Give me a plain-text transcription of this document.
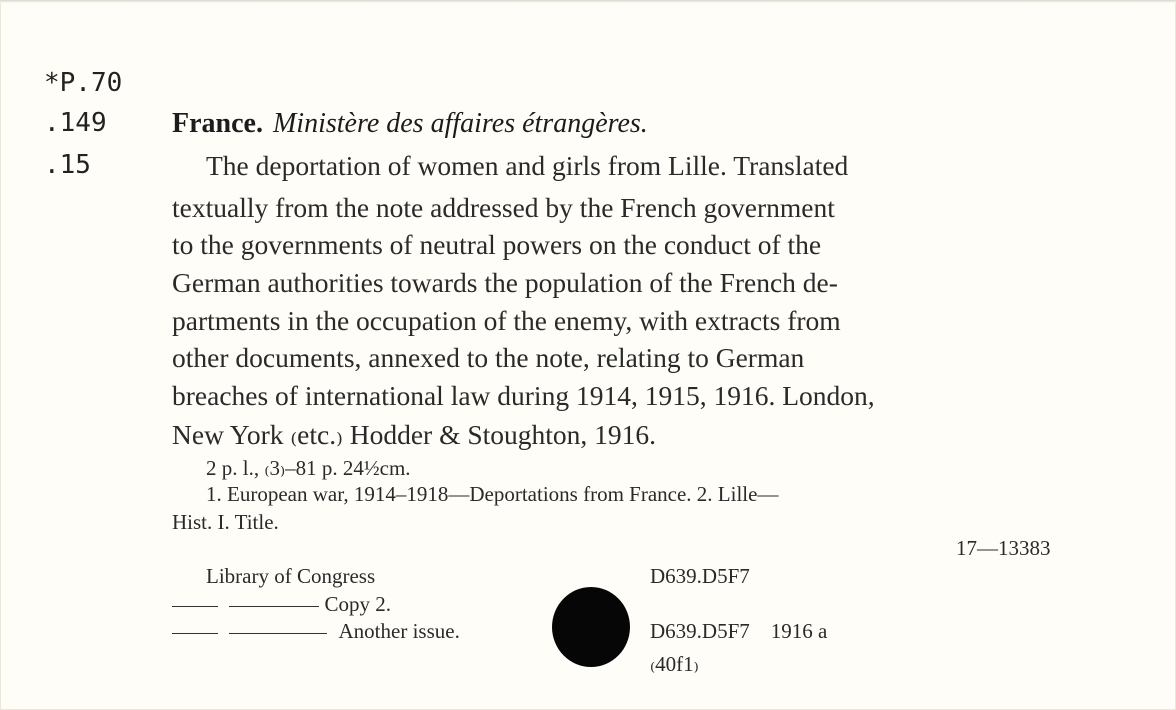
*P.70
.149
.15
France. Ministère des affaires étrangères.
The deportation of women and girls from Lille. Translated
textually from the note addressed by the French government
to the governments of neutral powers on the conduct of the
German authorities towards the population of the French de-
partments in the occupation of the enemy, with extracts from
other documents, annexed to the note, relating to German
breaches of international law during 1914, 1915, 1916. London,
New York ₍etc.₎ Hodder & Stoughton, 1916.
2 p. l., ₍3₎–81 p. 24½cm.
1. European war, 1914–1918—Deportations from France. 2. Lille—
Hist. I. Title.
17—13383
Library of Congress
Copy 2.
Another issue.
D639.D5F7
D639.D5F7    1916 a
₍40f1₎
